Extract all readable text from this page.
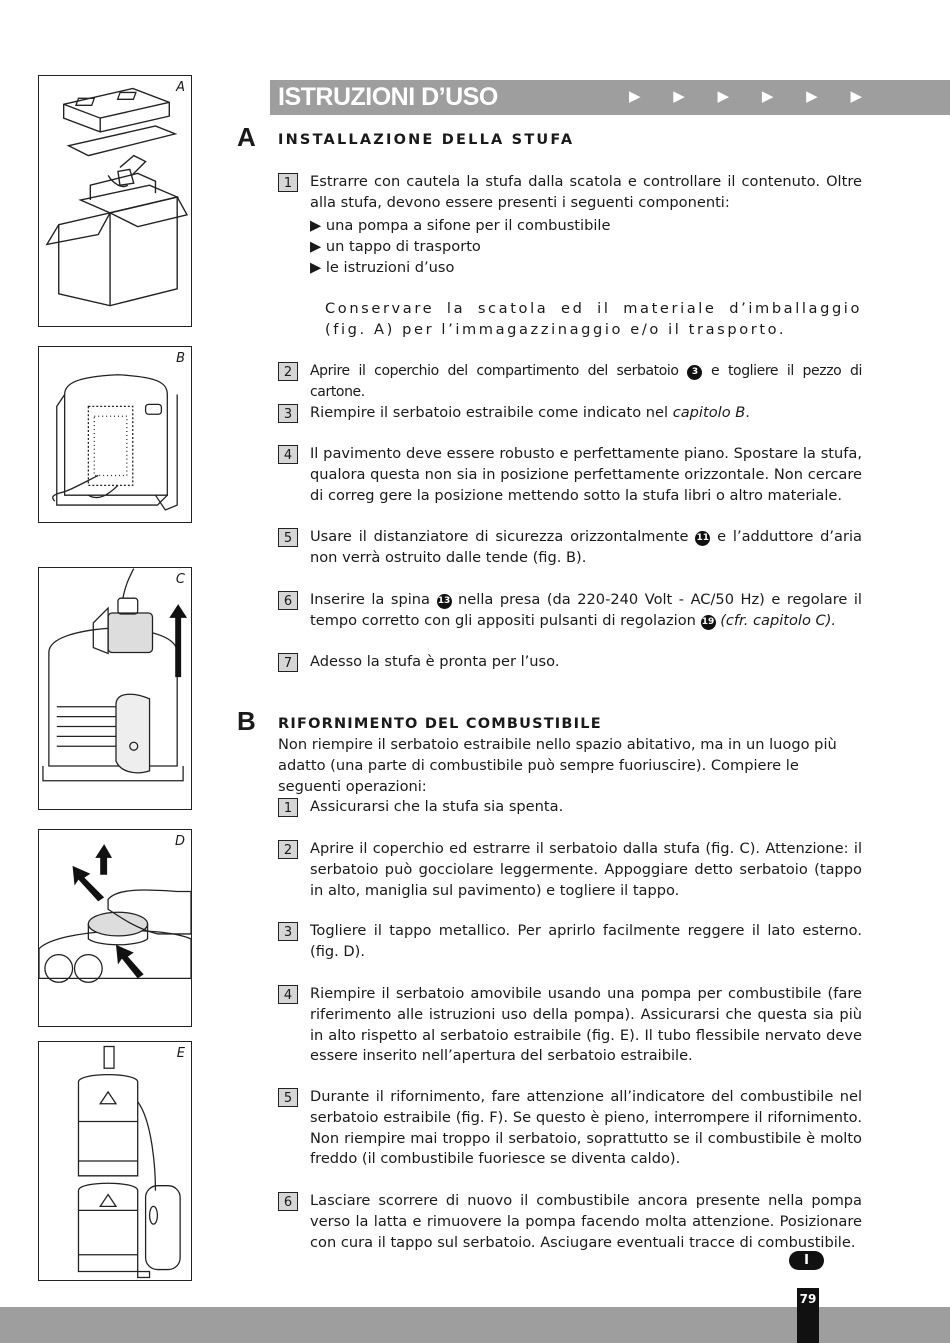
A
B
C
D
E
ISTRUZIONI D’USO	▶ ▶ ▶ ▶ ▶ ▶
A INSTALLAZIONE DELLA STUFA
1	Estrarre con cautela la stufa dalla scatola e controllare il contenuto. Oltre alla stufa, devono essere presenti i seguenti componenti:
▶ una pompa a sifone per il combustibile
▶ un tappo di trasporto
▶ le istruzioni d’uso
Conservare la scatola ed il materiale d’imballaggio (fig. A) per l’immagazzinaggio e/o il trasporto.
2	Aprire il coperchio del compartimento del serbatoio 3 e togliere il pezzo di cartone.
3	Riempire il serbatoio estraibile come indicato nel capitolo B.
4	Il pavimento deve essere robusto e perfettamente piano. Spostare la stufa, qualora questa non sia in posizione perfettamente orizzontale. Non cercare di correg gere la posizione mettendo sotto la stufa libri o altro materiale.
5	Usare il distanziatore di sicurezza orizzontalmente 11 e l’adduttore d’aria non verrà ostruito dalle tende (fig. B).
6	Inserire la spina 13 nella presa (da 220-240 Volt - AC/50 Hz) e regolare il tempo corretto con gli appositi pulsanti di regolazion 19 (cfr. capitolo C).
7	Adesso la stufa è pronta per l’uso.
B RIFORNIMENTO DEL COMBUSTIBILE
Non riempire il serbatoio estraibile nello spazio abitativo, ma in un luogo più adatto (una parte di combustibile può sempre fuoriuscire). Compiere le seguenti operazioni:
1	Assicurarsi che la stufa sia spenta.
2	Aprire il coperchio ed estrarre il serbatoio dalla stufa (fig. C). Attenzione: il serbatoio può gocciolare leggermente. Appoggiare detto serbatoio (tappo in alto, maniglia sul pavimento) e togliere il tappo.
3	Togliere il tappo metallico. Per aprirlo facilmente reggere il lato esterno. (fig. D).
4	Riempire il serbatoio amovibile usando una pompa per combustibile (fare riferimento alle istruzioni uso della pompa). Assicurarsi che questa sia più in alto rispetto al serbatoio estraibile (fig. E). Il tubo flessibile nervato deve essere inserito nell’apertura del serbatoio estraibile.
5	Durante il rifornimento, fare attenzione all’indicatore del combustibile nel serbatoio estraibile (fig. F). Se questo è pieno, interrompere il rifornimento. Non riempire mai troppo il serbatoio, soprattutto se il combustibile è molto freddo (il combustibile fuoriesce se diventa caldo).
6	Lasciare scorrere di nuovo il combustibile ancora presente nella pompa verso la latta e rimuovere la pompa facendo molta attenzione. Posizionare con cura il tappo sul serbatoio. Asciugare eventuali tracce di combustibile.
I
79
